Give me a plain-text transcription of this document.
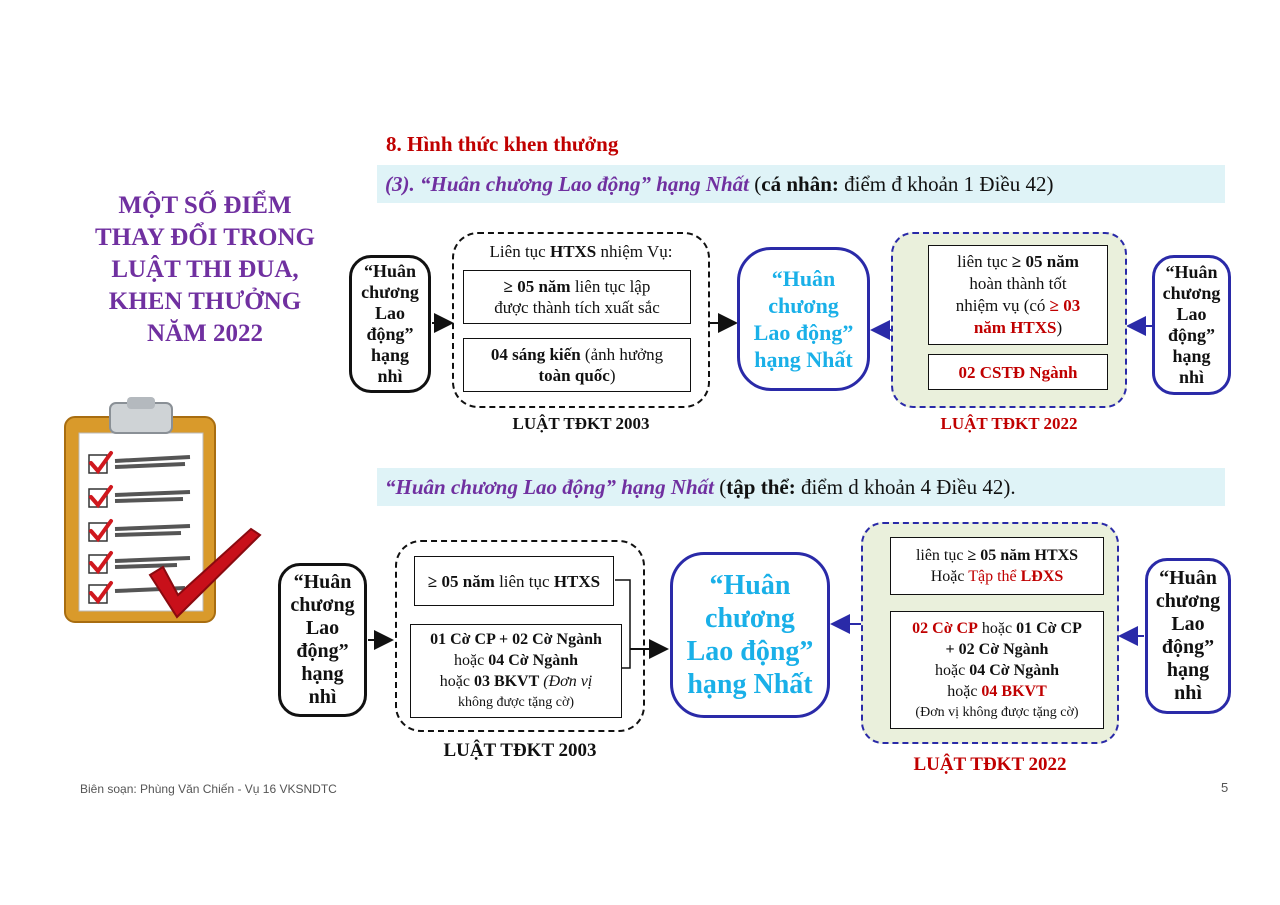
MỘT SỐ ĐIỂM
THAY ĐỔI TRONG
LUẬT THI ĐUA,
KHEN THƯỞNG
NĂM 2022
8. Hình thức khen thưởng
(3). “Huân chương Lao động” hạng Nhất (cá nhân: điểm đ khoản 1 Điều 42)
“Huân
chương
Lao
động”
hạng
nhì
Liên tục HTXS nhiệm Vụ:
≥ 05 năm liên tục lập
được thành tích xuất sắc
04 sáng kiến (ảnh hưởng
toàn quốc)
LUẬT TĐKT 2003
“Huân
chương
Lao động”
hạng Nhất
liên tục ≥ 05 năm
hoàn thành tốt
nhiệm vụ (có ≥ 03
năm HTXS)
02 CSTĐ Ngành
LUẬT TĐKT 2022
“Huân
chương
Lao
động”
hạng
nhì
“Huân chương Lao động” hạng Nhất (tập thể: điểm d khoản 4 Điều 42).
“Huân
chương
Lao
động”
hạng
nhì
≥ 05 năm liên tục HTXS
01 Cờ CP + 02 Cờ Ngành
hoặc 04 Cờ Ngành
hoặc 03 BKVT (Đơn vị
không được tặng cờ)
LUẬT TĐKT 2003
“Huân
chương
Lao động”
hạng Nhất
liên tục ≥ 05 năm HTXS
Hoặc Tập thể LĐXS
02 Cờ CP hoặc 01 Cờ CP
+ 02 Cờ Ngành
hoặc 04 Cờ Ngành
hoặc 04 BKVT
(Đơn vị không được tặng cờ)
LUẬT TĐKT 2022
“Huân
chương
Lao
động”
hạng
nhì
Biên soạn: Phùng Văn Chiến - Vụ 16 VKSNDTC	5
